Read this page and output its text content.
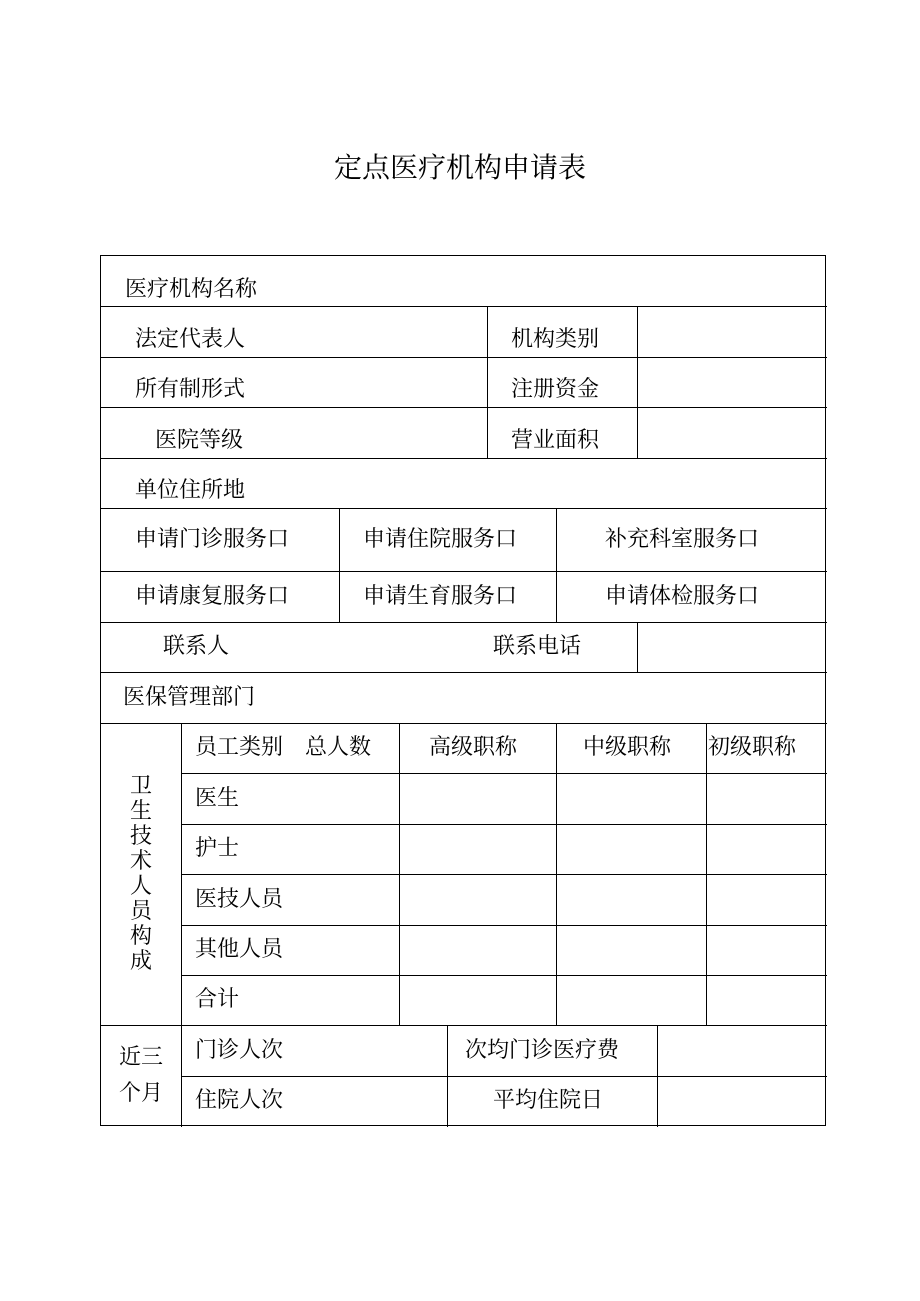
定点医疗机构申请表
医疗机构名称
法定代表人	机构类别
所有制形式	注册资金
医院等级	营业面积
单位住所地
申请门诊服务口	申请住院服务口	补充科室服务口
申请康复服务口	申请生育服务口	申请体检服务口
联系人	联系电话
医保管理部门
卫生技术人员构成
员工类别　总人数	高级职称	中级职称 初级职称
医生
护士
医技人员
其他人员
合计
近三个月
门诊人次	次均门诊医疗费
住院人次	平均住院日
